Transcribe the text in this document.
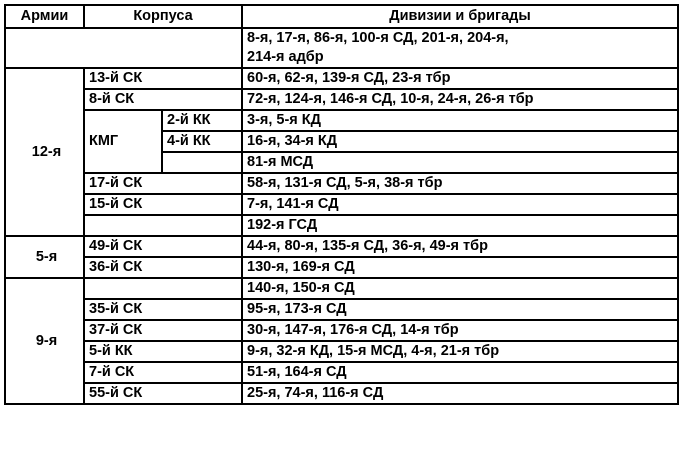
Армии	Корпуса		Дивизии и бригады
			8-я, 17-я, 86-я, 100-я СД, 201-я, 204-я,
214-я адбр
12-я	13-й СК		60-я, 62-я, 139-я СД, 23-я тбр
	8-й СК		72-я, 124-я, 146-я СД, 10-я, 24-я, 26-я тбр
	КМГ	2-й КК	3-я, 5-я КД
		4-й КК	16-я, 34-я КД
			81-я МСД
	17-й СК		58-я, 131-я СД, 5-я, 38-я тбр
	15-й СК		7-я, 141-я СД
			192-я ГСД
5-я	49-й СК		44-я, 80-я, 135-я СД, 36-я, 49-я тбр
	36-й СК		130-я, 169-я СД
9-я			140-я, 150-я СД
	35-й СК		95-я, 173-я СД
	37-й СК		30-я, 147-я, 176-я СД, 14-я тбр
	5-й КК		9-я, 32-я КД, 15-я МСД, 4-я, 21-я тбр
	7-й СК		51-я, 164-я СД
	55-й СК		25-я, 74-я, 116-я СД
